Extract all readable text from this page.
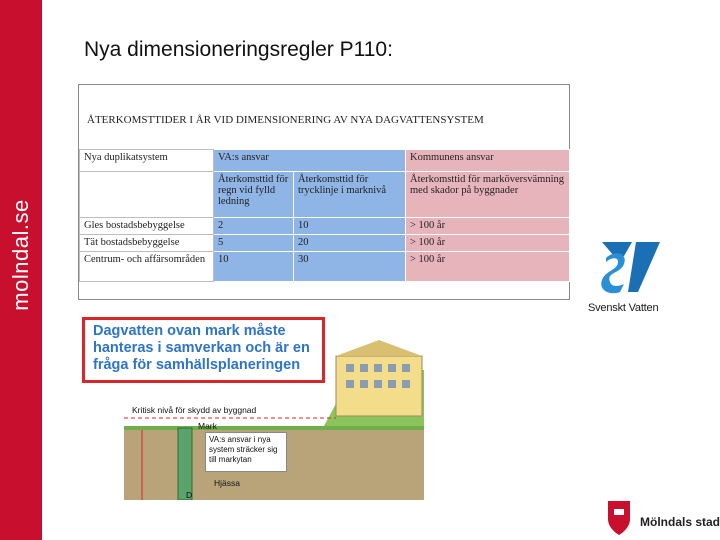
molndal.se
Nya dimensioneringsregler P110:
ÅTERKOMSTTIDER I ÅR VID DIMENSIONERING AV NYA DAGVATTENSYSTEM
Nya duplikatsystem	VA:s ansvar		Kommunens ansvar
	Återkomsttid för regn vid fylld ledning	Återkomsttid för trycklinje i marknivå	Återkomsttid för marköversvämning med skador på byggnader
Gles bostadsbebyggelse	2	10	> 100 år
Tät bostadsbebyggelse	5	20	> 100 år
Centrum- och affärsområden	10	30	> 100 år
Svenskt Vatten
Kritisk nivå för skydd av byggnad
Mark
Hjässa
D
VA:s ansvar i nya system sträcker sig till markytan
Dagvatten ovan mark måste hanteras i samverkan och är en fråga för samhällsplaneringen
Mölndals stad
